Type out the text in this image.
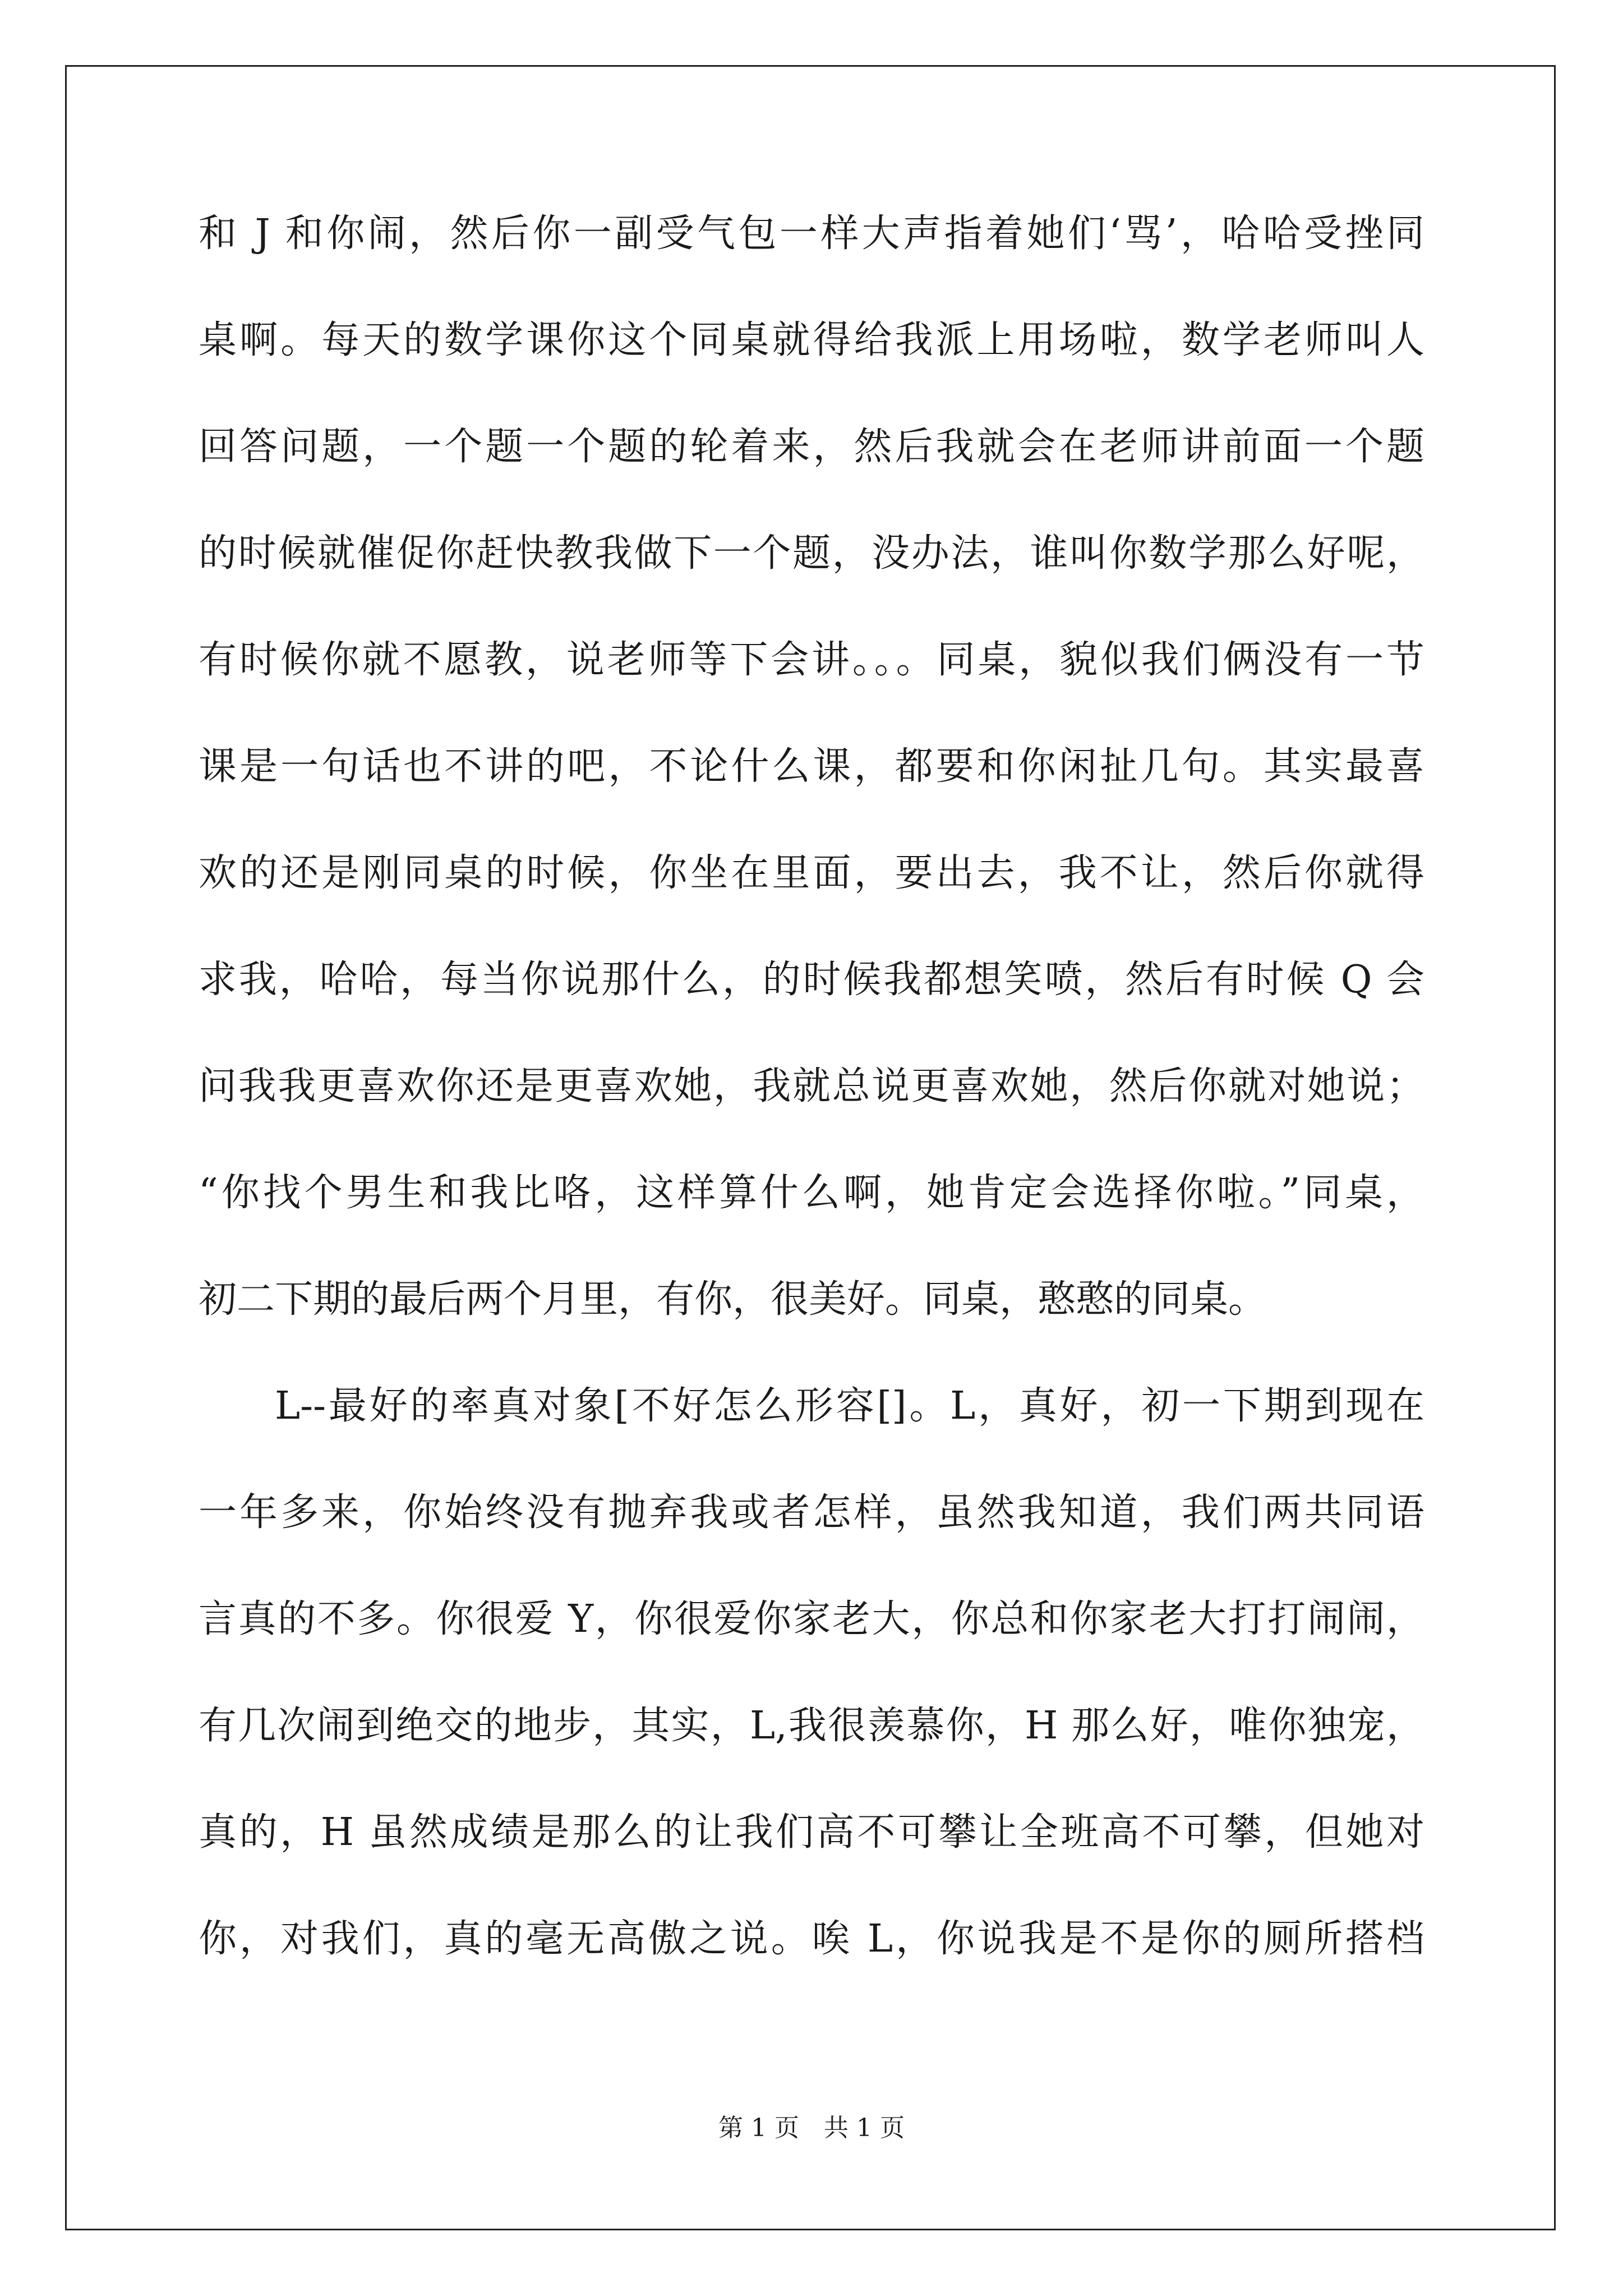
和 J 和你闹，然后你一副受气包一样大声指着她们‘骂’，哈哈受挫同
桌啊。每天的数学课你这个同桌就得给我派上用场啦，数学老师叫人
回答问题，一个题一个题的轮着来，然后我就会在老师讲前面一个题
的时候就催促你赶快教我做下一个题，没办法，谁叫你数学那么好呢，
有时候你就不愿教，说老师等下会讲。。。同桌，貌似我们俩没有一节
课是一句话也不讲的吧，不论什么课，都要和你闲扯几句。其实最喜
欢的还是刚同桌的时候，你坐在里面，要出去，我不让，然后你就得
求我，哈哈，每当你说那什么，的时候我都想笑喷，然后有时候 Q 会
问我我更喜欢你还是更喜欢她，我就总说更喜欢她，然后你就对她说；
“你找个男生和我比咯，这样算什么啊，她肯定会选择你啦。”同桌，
初二下期的最后两个月里，有你，很美好。同桌，憨憨的同桌。
L--最好的率真对象[不好怎么形容[]。L，真好，初一下期到现在
一年多来，你始终没有抛弃我或者怎样，虽然我知道，我们两共同语
言真的不多。你很爱 Y，你很爱你家老大，你总和你家老大打打闹闹，
有几次闹到绝交的地步，其实，L,我很羡慕你，H 那么好，唯你独宠，
真的，H 虽然成绩是那么的让我们高不可攀让全班高不可攀，但她对
你，对我们，真的毫无高傲之说。唉 L，你说我是不是你的厕所搭档
第 1 页　共 1 页
